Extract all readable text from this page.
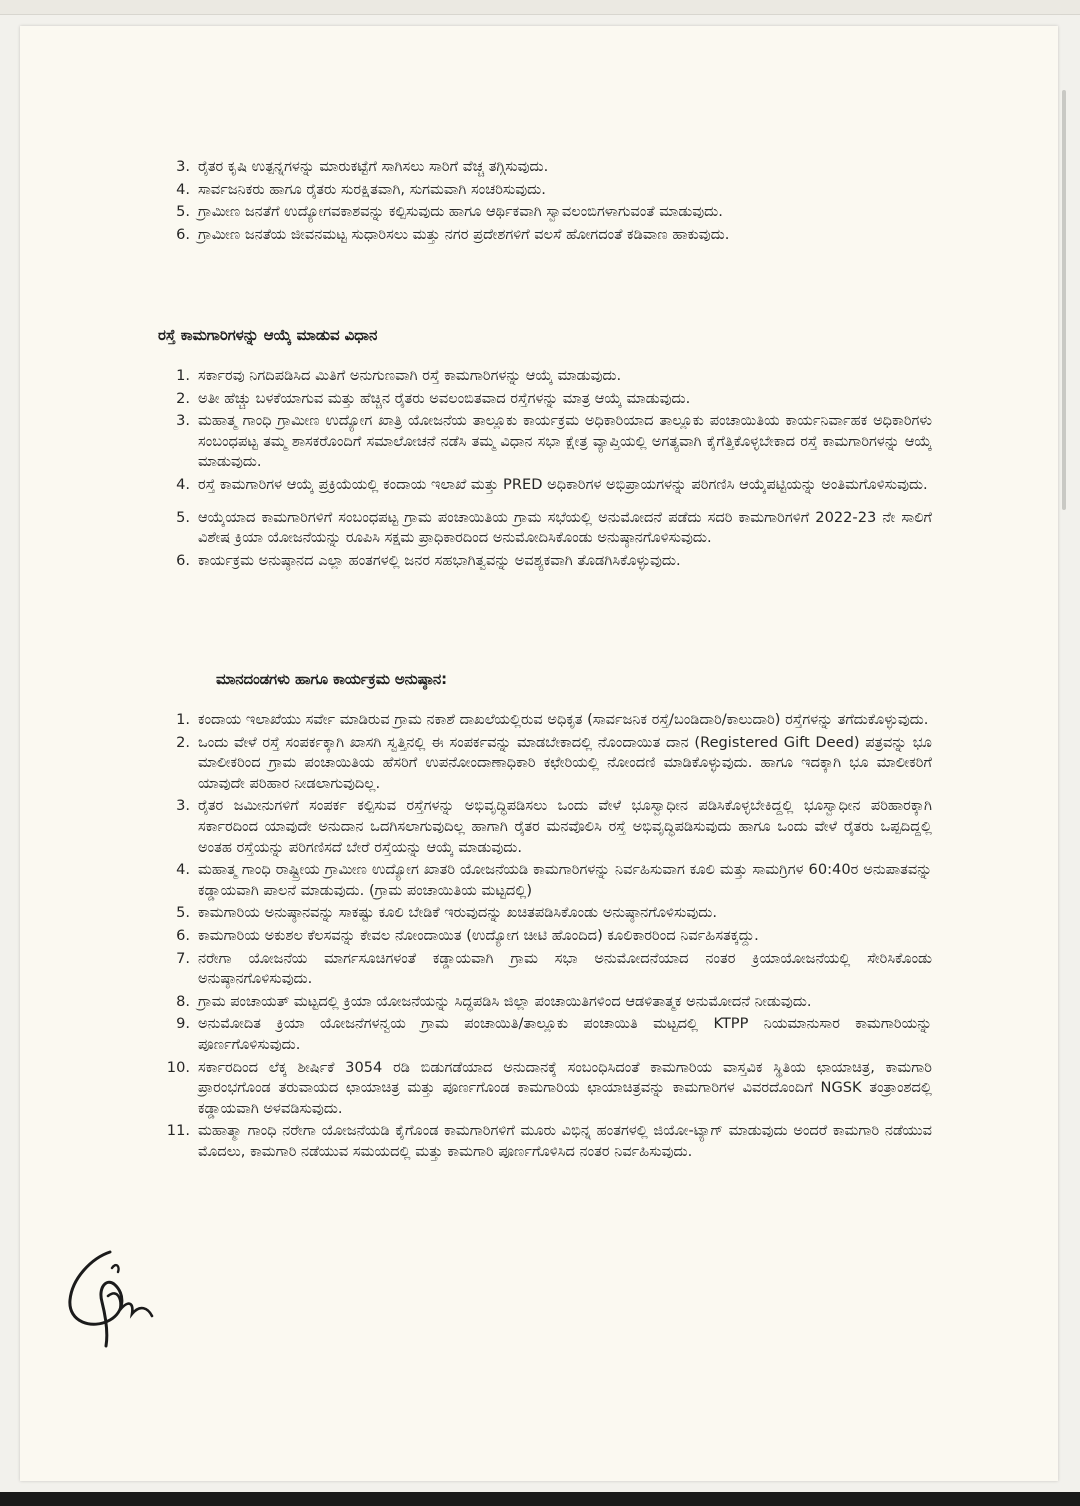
3. ರೈತರ ಕೃಷಿ ಉತ್ಪನ್ನಗಳನ್ನು ಮಾರುಕಟ್ಟೆಗೆ ಸಾಗಿಸಲು ಸಾರಿಗೆ ವೆಚ್ಚ ತಗ್ಗಿಸುವುದು.
4. ಸಾರ್ವಜನಿಕರು ಹಾಗೂ ರೈತರು ಸುರಕ್ಷಿತವಾಗಿ, ಸುಗಮವಾಗಿ ಸಂಚರಿಸುವುದು.
5. ಗ್ರಾಮೀಣ ಜನತೆಗೆ ಉದ್ಯೋಗವಕಾಶವನ್ನು ಕಲ್ಪಿಸುವುದು ಹಾಗೂ ಆರ್ಥಿಕವಾಗಿ ಸ್ವಾವಲಂಬಿಗಳಾಗುವಂತೆ ಮಾಡುವುದು.
6. ಗ್ರಾಮೀಣ ಜನತೆಯ ಜೀವನಮಟ್ಟ ಸುಧಾರಿಸಲು ಮತ್ತು ನಗರ ಪ್ರದೇಶಗಳಿಗೆ ವಲಸೆ ಹೋಗದಂತೆ ಕಡಿವಾಣ ಹಾಕುವುದು.
ರಸ್ತೆ ಕಾಮಗಾರಿಗಳನ್ನು ಆಯ್ಕೆ ಮಾಡುವ ವಿಧಾನ
1. ಸರ್ಕಾರವು ನಿಗದಿಪಡಿಸಿದ ಮಿತಿಗೆ ಅನುಗುಣವಾಗಿ ರಸ್ತೆ ಕಾಮಗಾರಿಗಳನ್ನು ಆಯ್ಕೆ ಮಾಡುವುದು.
2. ಅತೀ ಹೆಚ್ಚು ಬಳಕೆಯಾಗುವ ಮತ್ತು ಹೆಚ್ಚಿನ ರೈತರು ಅವಲಂಬಿತವಾದ ರಸ್ತೆಗಳನ್ನು ಮಾತ್ರ ಆಯ್ಕೆ ಮಾಡುವುದು.
3. ಮಹಾತ್ಮ ಗಾಂಧಿ ಗ್ರಾಮೀಣ ಉದ್ಯೋಗ ಖಾತ್ರಿ ಯೋಜನೆಯ ತಾಲ್ಲೂಕು ಕಾರ್ಯಕ್ರಮ ಅಧಿಕಾರಿಯಾದ ತಾಲ್ಲೂಕು ಪಂಚಾಯಿತಿಯ ಕಾರ್ಯನಿರ್ವಾಹಕ ಅಧಿಕಾರಿಗಳು ಸಂಬಂಧಪಟ್ಟ ತಮ್ಮ ಶಾಸಕರೊಂದಿಗೆ ಸಮಾಲೋಚನೆ ನಡೆಸಿ ತಮ್ಮ ವಿಧಾನ ಸಭಾ ಕ್ಷೇತ್ರ ವ್ಯಾಪ್ತಿಯಲ್ಲಿ ಅಗತ್ಯವಾಗಿ ಕೈಗೆತ್ತಿಕೊಳ್ಳಬೇಕಾದ ರಸ್ತೆ ಕಾಮಗಾರಿಗಳನ್ನು ಆಯ್ಕೆ ಮಾಡುವುದು.
4. ರಸ್ತೆ ಕಾಮಗಾರಿಗಳ ಆಯ್ಕೆ ಪ್ರಕ್ರಿಯೆಯಲ್ಲಿ ಕಂದಾಯ ಇಲಾಖೆ ಮತ್ತು PRED ಅಧಿಕಾರಿಗಳ ಅಭಿಪ್ರಾಯಗಳನ್ನು ಪರಿಗಣಿಸಿ ಆಯ್ಕೆಪಟ್ಟಿಯನ್ನು ಅಂತಿಮಗೊಳಿಸುವುದು.
5. ಆಯ್ಕೆಯಾದ ಕಾಮಗಾರಿಗಳಿಗೆ ಸಂಬಂಧಪಟ್ಟ ಗ್ರಾಮ ಪಂಚಾಯಿತಿಯ ಗ್ರಾಮ ಸಭೆಯಲ್ಲಿ ಅನುಮೋದನೆ ಪಡೆದು ಸದರಿ ಕಾಮಗಾರಿಗಳಿಗೆ 2022-23 ನೇ ಸಾಲಿಗೆ ವಿಶೇಷ ಕ್ರಿಯಾ ಯೋಜನೆಯನ್ನು ರೂಪಿಸಿ ಸಕ್ಷಮ ಪ್ರಾಧಿಕಾರದಿಂದ ಅನುಮೋದಿಸಿಕೊಂಡು ಅನುಷ್ಠಾನಗೊಳಿಸುವುದು.
6. ಕಾರ್ಯಕ್ರಮ ಅನುಷ್ಠಾನದ ಎಲ್ಲಾ ಹಂತಗಳಲ್ಲಿ ಜನರ ಸಹಭಾಗಿತ್ವವನ್ನು ಅವಶ್ಯಕವಾಗಿ ತೊಡಗಿಸಿಕೊಳ್ಳುವುದು.
ಮಾನದಂಡಗಳು ಹಾಗೂ ಕಾರ್ಯಕ್ರಮ ಅನುಷ್ಠಾನ:
1. ಕಂದಾಯ ಇಲಾಖೆಯು ಸರ್ವೇ ಮಾಡಿರುವ ಗ್ರಾಮ ನಕಾಶೆ ದಾಖಲೆಯಲ್ಲಿರುವ ಅಧಿಕೃತ (ಸಾರ್ವಜನಿಕ ರಸ್ತೆ/ಬಂಡಿದಾರಿ/ಕಾಲುದಾರಿ) ರಸ್ತೆಗಳನ್ನು ತಗೆದುಕೊಳ್ಳುವುದು.
2. ಒಂದು ವೇಳೆ ರಸ್ತೆ ಸಂಪರ್ಕಕ್ಕಾಗಿ ಖಾಸಗಿ ಸ್ವತ್ತಿನಲ್ಲಿ ಈ ಸಂಪರ್ಕವನ್ನು ಮಾಡಬೇಕಾದಲ್ಲಿ ನೊಂದಾಯಿತ ದಾನ (Registered Gift Deed) ಪತ್ರವನ್ನು ಭೂ ಮಾಲೀಕರಿಂದ ಗ್ರಾಮ ಪಂಚಾಯಿತಿಯ ಹೆಸರಿಗೆ ಉಪನೋಂದಾಣಾಧಿಕಾರಿ ಕಛೇರಿಯಲ್ಲಿ ನೋಂದಣಿ ಮಾಡಿಕೊಳ್ಳುವುದು. ಹಾಗೂ ಇದಕ್ಕಾಗಿ ಭೂ ಮಾಲೀಕರಿಗೆ ಯಾವುದೇ ಪರಿಹಾರ ನೀಡಲಾಗುವುದಿಲ್ಲ.
3. ರೈತರ ಜಮೀನುಗಳಿಗೆ ಸಂಪರ್ಕ ಕಲ್ಪಿಸುವ ರಸ್ತೆಗಳನ್ನು ಅಭಿವೃದ್ಧಿಪಡಿಸಲು ಒಂದು ವೇಳೆ ಭೂಸ್ವಾಧೀನ ಪಡಿಸಿಕೊಳ್ಳಬೇಕಿದ್ದಲ್ಲಿ ಭೂಸ್ವಾಧೀನ ಪರಿಹಾರಕ್ಕಾಗಿ ಸರ್ಕಾರದಿಂದ ಯಾವುದೇ ಅನುದಾನ ಒದಗಿಸಲಾಗುವುದಿಲ್ಲ ಹಾಗಾಗಿ ರೈತರ ಮನವೊಲಿಸಿ ರಸ್ತೆ ಅಭಿವೃದ್ಧಿಪಡಿಸುವುದು ಹಾಗೂ ಒಂದು ವೇಳೆ ರೈತರು ಒಪ್ಪದಿದ್ದಲ್ಲಿ ಅಂತಹ ರಸ್ತೆಯನ್ನು ಪರಿಗಣಿಸದೆ ಬೇರೆ ರಸ್ತೆಯನ್ನು ಆಯ್ಕೆ ಮಾಡುವುದು.
4. ಮಹಾತ್ಮ ಗಾಂಧಿ ರಾಷ್ಟ್ರೀಯ ಗ್ರಾಮೀಣ ಉದ್ಯೋಗ ಖಾತರಿ ಯೋಜನೆಯಡಿ ಕಾಮಗಾರಿಗಳನ್ನು ನಿರ್ವಹಿಸುವಾಗ ಕೂಲಿ ಮತ್ತು ಸಾಮಗ್ರಿಗಳ 60:40ರ ಅನುಪಾತವನ್ನು ಕಡ್ಡಾಯವಾಗಿ ಪಾಲನೆ ಮಾಡುವುದು. (ಗ್ರಾಮ ಪಂಚಾಯಿತಿಯ ಮಟ್ಟದಲ್ಲಿ)
5. ಕಾಮಗಾರಿಯ ಅನುಷ್ಠಾನವನ್ನು ಸಾಕಷ್ಟು ಕೂಲಿ ಬೇಡಿಕೆ ಇರುವುದನ್ನು ಖಚಿತಪಡಿಸಿಕೊಂಡು ಅನುಷ್ಠಾನಗೊಳಿಸುವುದು.
6. ಕಾಮಗಾರಿಯ ಅಕುಶಲ ಕೆಲಸವನ್ನು ಕೇವಲ ನೋಂದಾಯಿತ (ಉದ್ಯೋಗ ಚೀಟಿ ಹೊಂದಿದ) ಕೂಲಿಕಾರರಿಂದ ನಿರ್ವಹಿಸತಕ್ಕದ್ದು.
7. ನರೇಗಾ ಯೋಜನೆಯ ಮಾರ್ಗಸೂಚಿಗಳಂತೆ ಕಡ್ಡಾಯವಾಗಿ ಗ್ರಾಮ ಸಭಾ ಅನುಮೋದನೆಯಾದ ನಂತರ ಕ್ರಿಯಾಯೋಜನೆಯಲ್ಲಿ ಸೇರಿಸಿಕೊಂಡು ಅನುಷ್ಠಾನಗೊಳಿಸುವುದು.
8. ಗ್ರಾಮ ಪಂಚಾಯತ್ ಮಟ್ಟದಲ್ಲಿ ಕ್ರಿಯಾ ಯೋಜನೆಯನ್ನು ಸಿದ್ಧಪಡಿಸಿ ಜಿಲ್ಲಾ ಪಂಚಾಯಿತಿಗಳಿಂದ ಆಡಳಿತಾತ್ಮಕ ಅನುಮೋದನೆ ನೀಡುವುದು.
9. ಅನುಮೋದಿತ ಕ್ರಿಯಾ ಯೋಜನೆಗಳನ್ವಯ ಗ್ರಾಮ ಪಂಚಾಯಿತಿ/ತಾಲ್ಲೂಕು ಪಂಚಾಯಿತಿ ಮಟ್ಟದಲ್ಲಿ KTPP ನಿಯಮಾನುಸಾರ ಕಾಮಗಾರಿಯನ್ನು ಪೂರ್ಣಗೊಳಿಸುವುದು.
10. ಸರ್ಕಾರದಿಂದ ಲೆಕ್ಕ ಶೀರ್ಷಿಕೆ 3054 ರಡಿ ಬಿಡುಗಡೆಯಾದ ಅನುದಾನಕ್ಕೆ ಸಂಬಂಧಿಸಿದಂತೆ ಕಾಮಗಾರಿಯ ವಾಸ್ತವಿಕ ಸ್ಥಿತಿಯ ಛಾಯಾಚಿತ್ರ, ಕಾಮಗಾರಿ ಪ್ರಾರಂಭಗೊಂಡ ತರುವಾಯದ ಛಾಯಾಚಿತ್ರ ಮತ್ತು ಪೂರ್ಣಗೊಂಡ ಕಾಮಗಾರಿಯ ಛಾಯಾಚಿತ್ರವನ್ನು ಕಾಮಗಾರಿಗಳ ವಿವರದೊಂದಿಗೆ NGSK ತಂತ್ರಾಂಶದಲ್ಲಿ ಕಡ್ಡಾಯವಾಗಿ ಅಳವಡಿಸುವುದು.
11. ಮಹಾತ್ಮಾ ಗಾಂಧಿ ನರೇಗಾ ಯೋಜನೆಯಡಿ ಕೈಗೊಂಡ ಕಾಮಗಾರಿಗಳಿಗೆ ಮೂರು ವಿಭಿನ್ನ ಹಂತಗಳಲ್ಲಿ ಜಿಯೋ-ಟ್ಯಾಗ್ ಮಾಡುವುದು ಅಂದರೆ ಕಾಮಗಾರಿ ನಡೆಯುವ ಮೊದಲು, ಕಾಮಗಾರಿ ನಡೆಯುವ ಸಮಯದಲ್ಲಿ ಮತ್ತು ಕಾಮಗಾರಿ ಪೂರ್ಣಗೊಳಿಸಿದ ನಂತರ ನಿರ್ವಹಿಸುವುದು.
